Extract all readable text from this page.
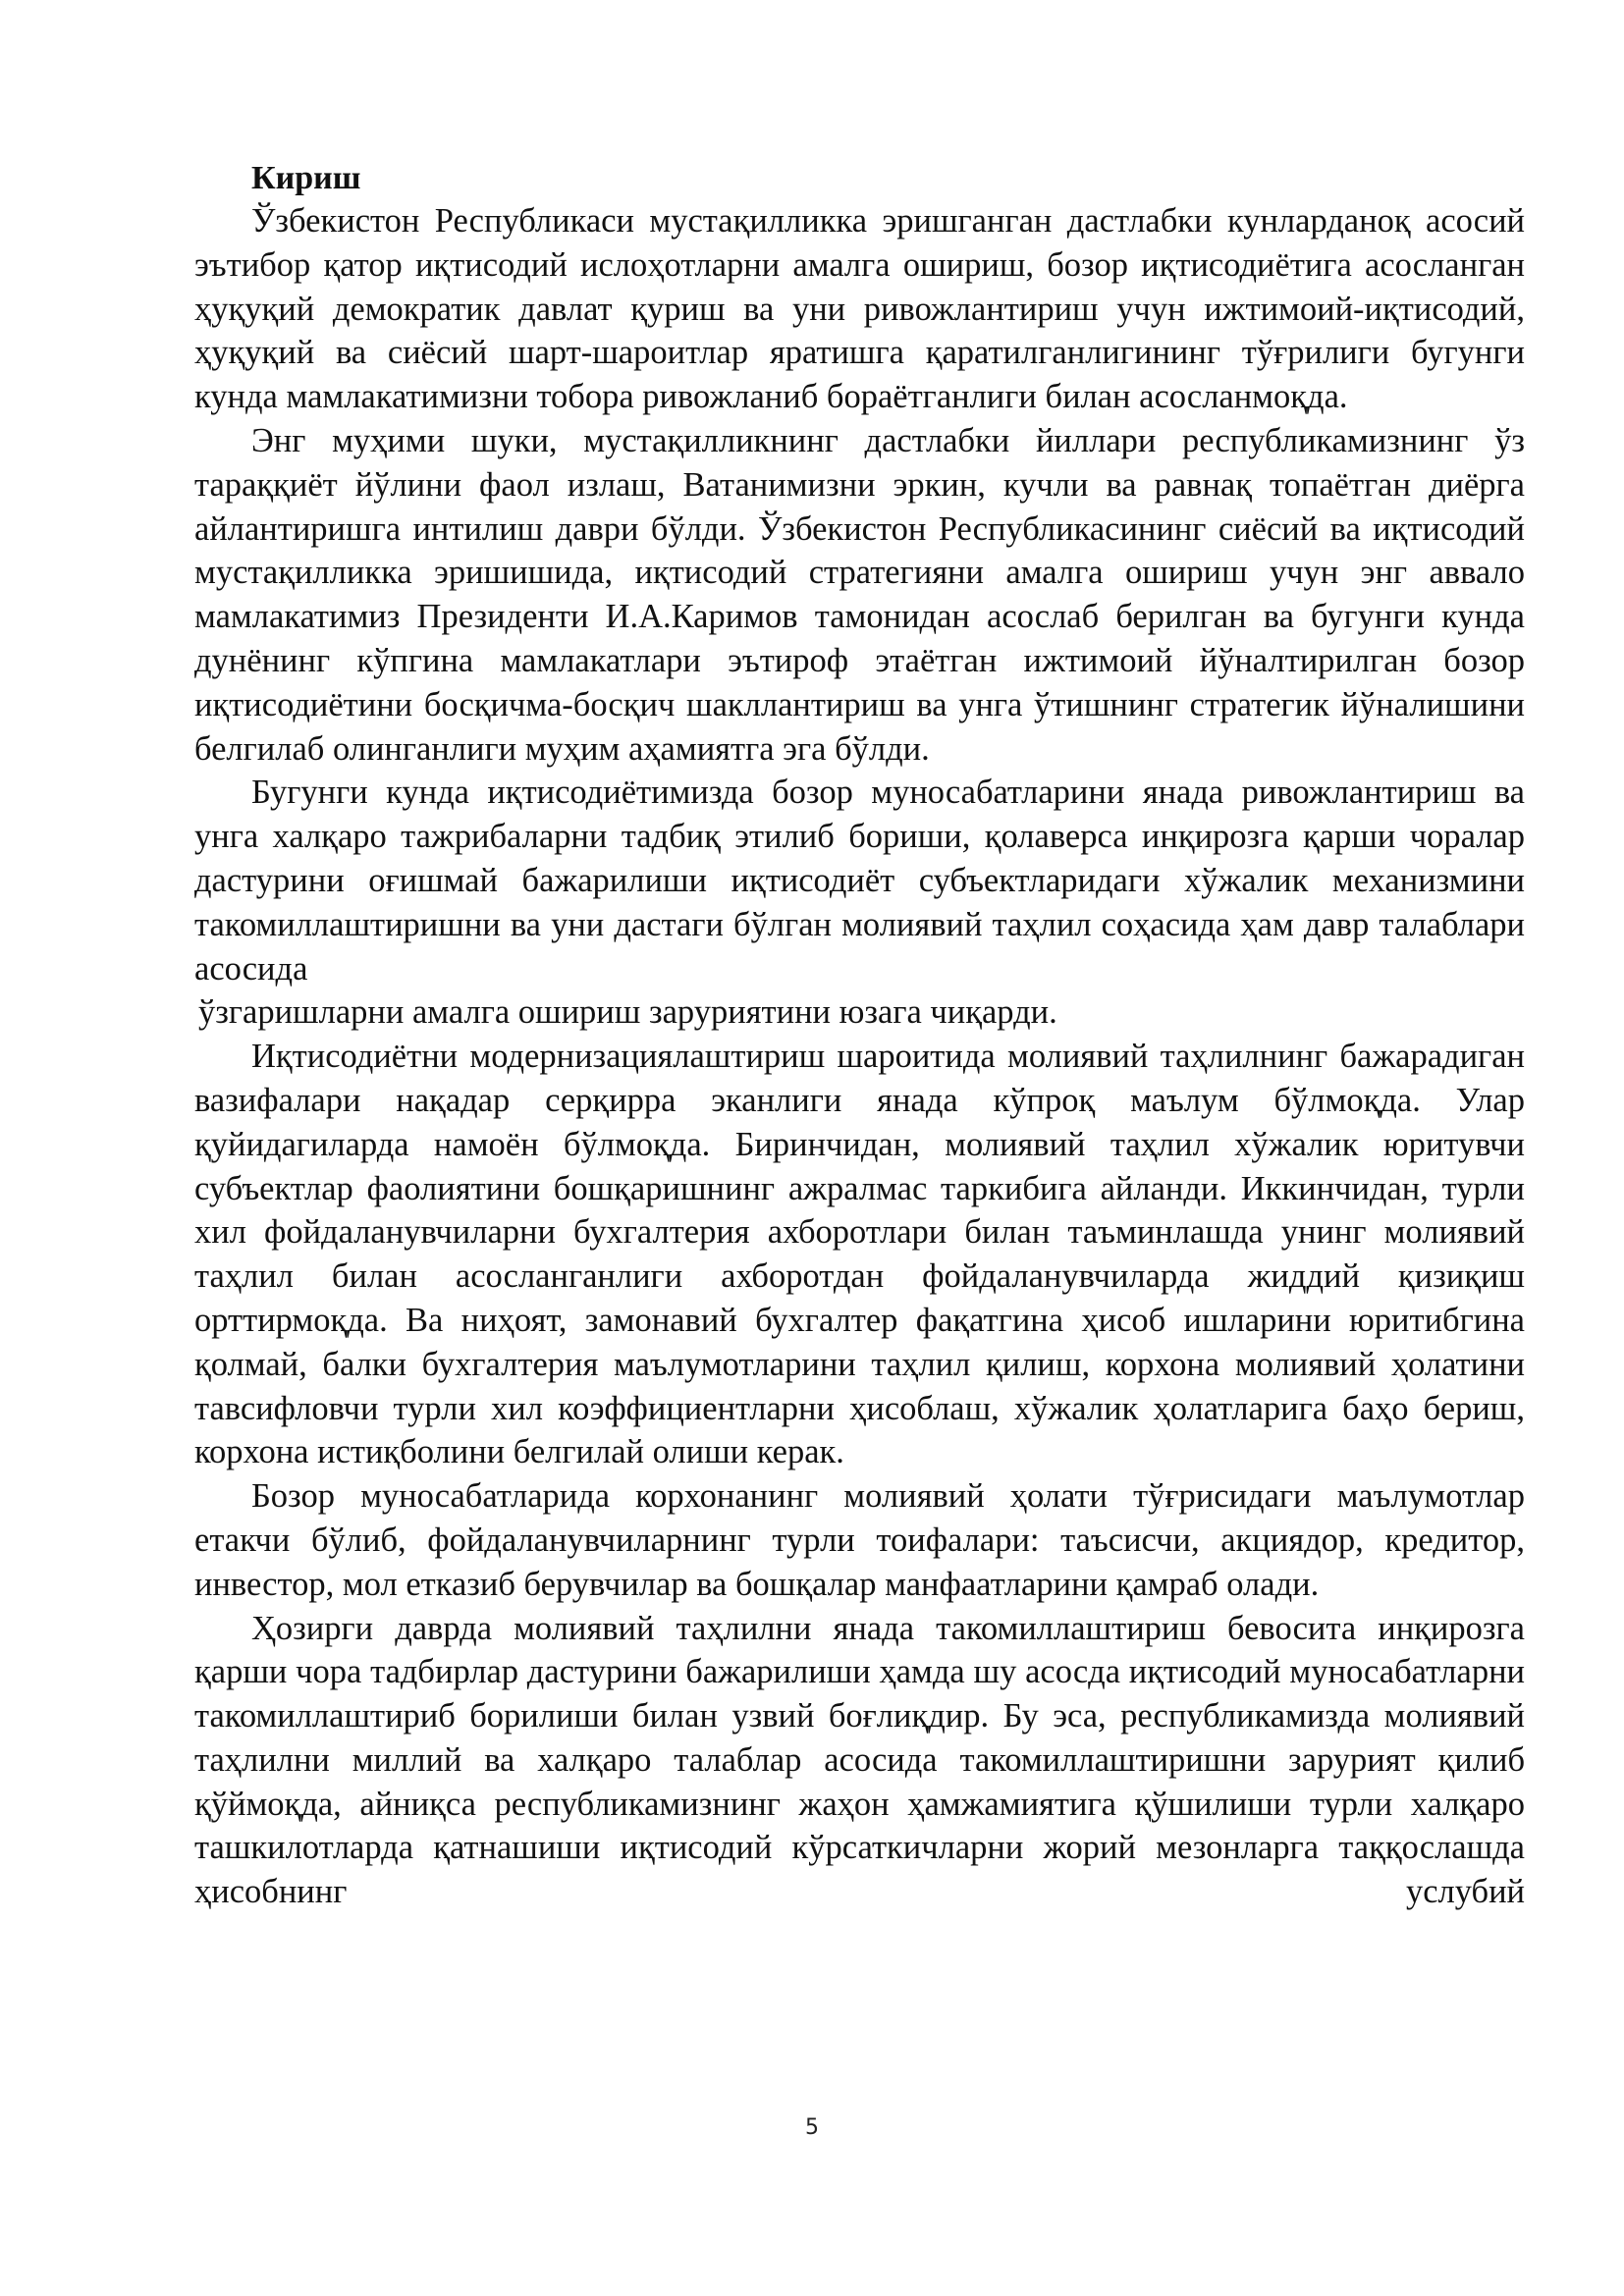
Кириш

Ўзбекистон Республикаси мустақилликка эришганган дастлабки кунларданоқ асосий эътибор қатор иқтисодий ислоҳотларни амалга ошириш, бозор иқтисодиётига асосланган ҳуқуқий демократик давлат қуриш ва уни ривожлантириш учун ижтимоий-иқтисодий, ҳуқуқий ва сиёсий шарт-шароитлар яратишга қаратилганлигининг тўғрилиги бугунги кунда мамлакатимизни тобора ривожланиб бораётганлиги билан асосланмоқда.

Энг муҳими шуки, мустақилликнинг дастлабки йиллари республикамизнинг ўз тараққиёт йўлини фаол излаш, Ватанимизни эркин, кучли ва равнақ топаётган диёрга айлантиришга интилиш даври бўлди. Ўзбекистон Республикасининг сиёсий ва иқтисодий мустақилликка эришишида, иқтисодий стратегияни амалга ошириш учун энг аввало мамлакатимиз Президенти И.А.Каримов тамонидан асослаб берилган ва бугунги кунда дунёнинг кўпгина мамлакатлари эътироф этаётган ижтимоий йўналтирилган бозор иқтисодиётини босқичма-босқич шакллантириш ва унга ўтишнинг стратегик йўналишини белгилаб олинганлиги муҳим аҳамиятга эга бўлди.

Бугунги кунда иқтисодиётимизда бозор муносабатларини янада ривожлантириш ва унга халқаро тажрибаларни тадбиқ этилиб бориши, қолаверса инқирозга қарши чоралар дастурини оғишмай бажарилиши иқтисодиёт субъектларидаги хўжалик механизмини такомиллаштиришни ва уни дастаги бўлган молиявий таҳлил соҳасида ҳам давр талаблари асосида

ўзгаришларни амалга ошириш заруриятини юзага чиқарди.

Иқтисодиётни модернизациялаштириш шароитида молиявий таҳлилнинг бажарадиган вазифалари нақадар серқирра эканлиги янада кўпроқ маълум бўлмоқда. Улар қуйидагиларда намоён бўлмоқда. Биринчидан, молиявий таҳлил хўжалик юритувчи субъектлар фаолиятини бошқаришнинг ажралмас таркибига айланди. Иккинчидан, турли хил фойдаланувчиларни бухгалтерия ахборотлари билан таъминлашда унинг молиявий таҳлил билан асосланганлиги ахборотдан фойдаланувчиларда жиддий қизиқиш орттирмоқда. Ва ниҳоят, замонавий бухгалтер фақатгина ҳисоб ишларини юритибгина қолмай, балки бухгалтерия маълумотларини таҳлил қилиш, корхона молиявий ҳолатини тавсифловчи турли хил коэффициентларни ҳисоблаш, хўжалик ҳолатларига баҳо бериш, корхона истиқболини белгилай олиши керак.

Бозор муносабатларида корхонанинг молиявий ҳолати тўғрисидаги маълумотлар етакчи бўлиб, фойдаланувчиларнинг турли тоифалари: таъсисчи, акциядор, кредитор, инвестор, мол етказиб берувчилар ва бошқалар манфаатларини қамраб олади.

Ҳозирги даврда молиявий таҳлилни янада такомиллаштириш бевосита инқирозга қарши чора тадбирлар дастурини бажарилиши ҳамда шу асосда иқтисодий муносабатларни такомиллаштириб борилиши билан узвий боғлиқдир. Бу эса, республикамизда молиявий таҳлилни миллий ва халқаро талаблар асосида такомиллаштиришни зарурият қилиб қўймоқда, айниқса республикамизнинг жаҳон ҳамжамиятига қўшилиши турли халқаро ташкилотларда қатнашиши иқтисодий кўрсаткичларни жорий мезонларга таққослашда ҳисобнинг услубий

5
